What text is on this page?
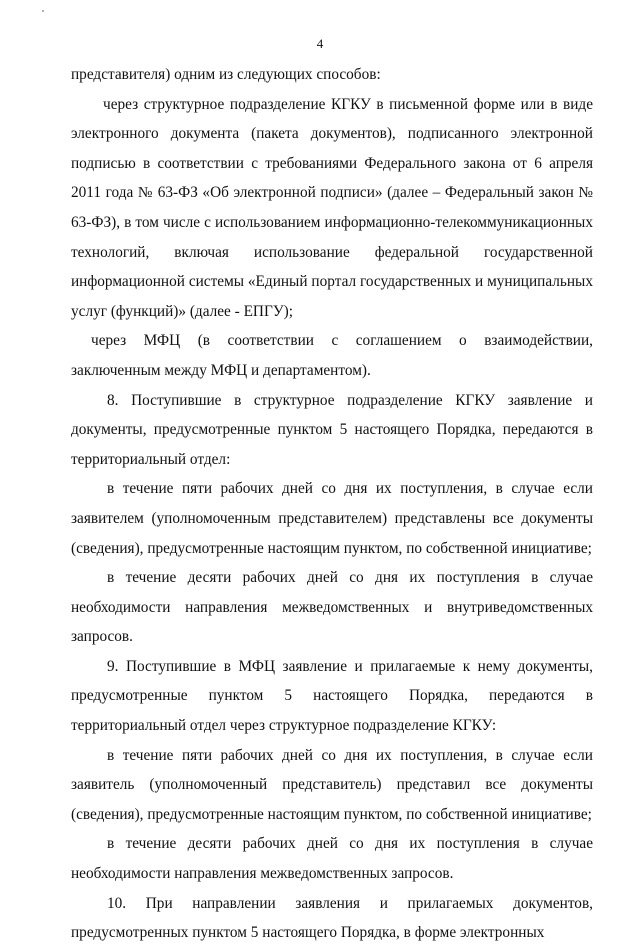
4
представителя) одним из следующих способов:
через структурное подразделение КГКУ в письменной форме или в виде
электронного документа (пакета документов), подписанного электронной
подписью в соответствии с требованиями Федерального закона от 6 апреля
2011 года № 63-ФЗ «Об электронной подписи» (далее – Федеральный закон №
63-ФЗ), в том числе с использованием информационно-телекоммуникационных
технологий, включая использование федеральной государственной
информационной системы «Единый портал государственных и муниципальных
услуг (функций)» (далее - ЕПГУ);
через МФЦ (в соответствии с соглашением о взаимодействии,
заключенным между МФЦ и департаментом).
8. Поступившие в структурное подразделение КГКУ заявление и
документы, предусмотренные пунктом 5 настоящего Порядка, передаются в
территориальный отдел:
в течение пяти рабочих дней со дня их поступления, в случае если
заявителем (уполномоченным представителем) представлены все документы
(сведения), предусмотренные настоящим пунктом, по собственной инициативе;
в течение десяти рабочих дней со дня их поступления в случае
необходимости направления межведомственных и внутриведомственных
запросов.
9. Поступившие в МФЦ заявление и прилагаемые к нему документы,
предусмотренные пунктом 5 настоящего Порядка, передаются в
территориальный отдел через структурное подразделение КГКУ:
в течение пяти рабочих дней со дня их поступления, в случае если
заявитель (уполномоченный представитель) представил все документы
(сведения), предусмотренные настоящим пунктом, по собственной инициативе;
в течение десяти рабочих дней со дня их поступления в случае
необходимости направления межведомственных запросов.
10. При направлении заявления и прилагаемых документов,
предусмотренных пунктом 5 настоящего Порядка, в форме электронных
